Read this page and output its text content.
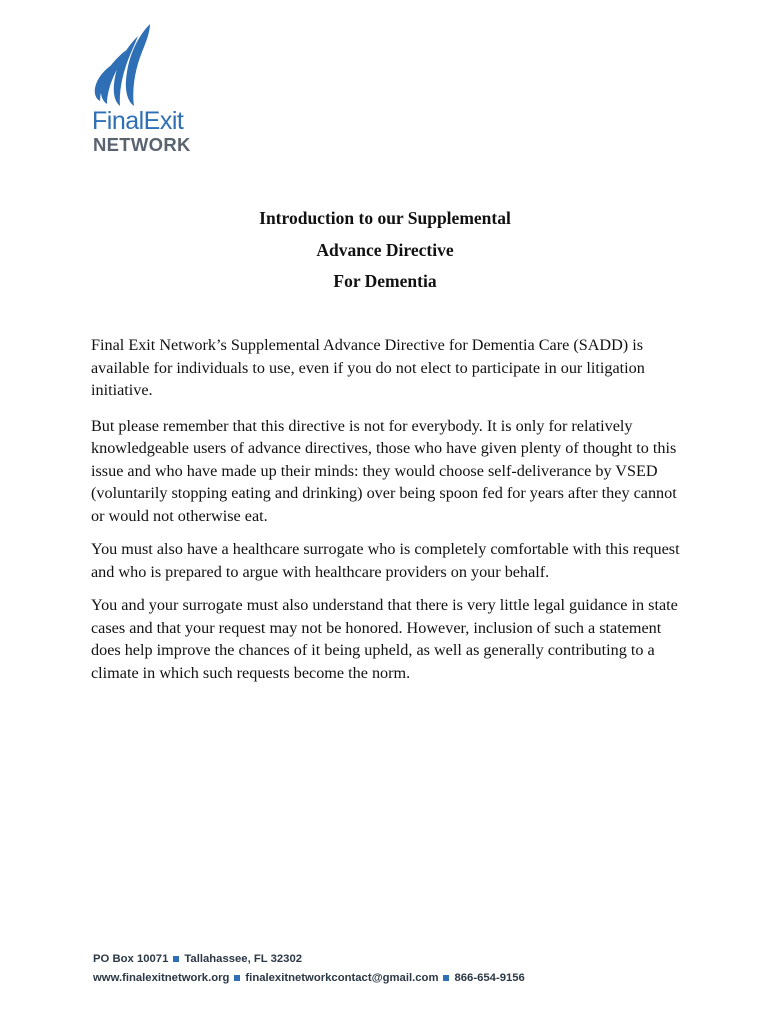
FinalExit
NETWORK
Introduction to our Supplemental
Advance Directive
For Dementia

Final Exit Network’s Supplemental Advance Directive for Dementia Care (SADD) is available for individuals to use, even if you do not elect to participate in our litigation initiative.

But please remember that this directive is not for everybody. It is only for relatively knowledgeable users of advance directives, those who have given plenty of thought to this issue and who have made up their minds: they would choose self-deliverance by VSED (voluntarily stopping eating and drinking) over being spoon fed for years after they cannot or would not otherwise eat.

You must also have a healthcare surrogate who is completely comfortable with this request and who is prepared to argue with healthcare providers on your behalf.

You and your surrogate must also understand that there is very little legal guidance in state cases and that your request may not be honored. However, inclusion of such a statement does help improve the chances of it being upheld, as well as generally contributing to a climate in which such requests become the norm.

PO Box 10071 Tallahassee, FL 32302
www.finalexitnetwork.org finalexitnetworkcontact@gmail.com 866-654-9156
